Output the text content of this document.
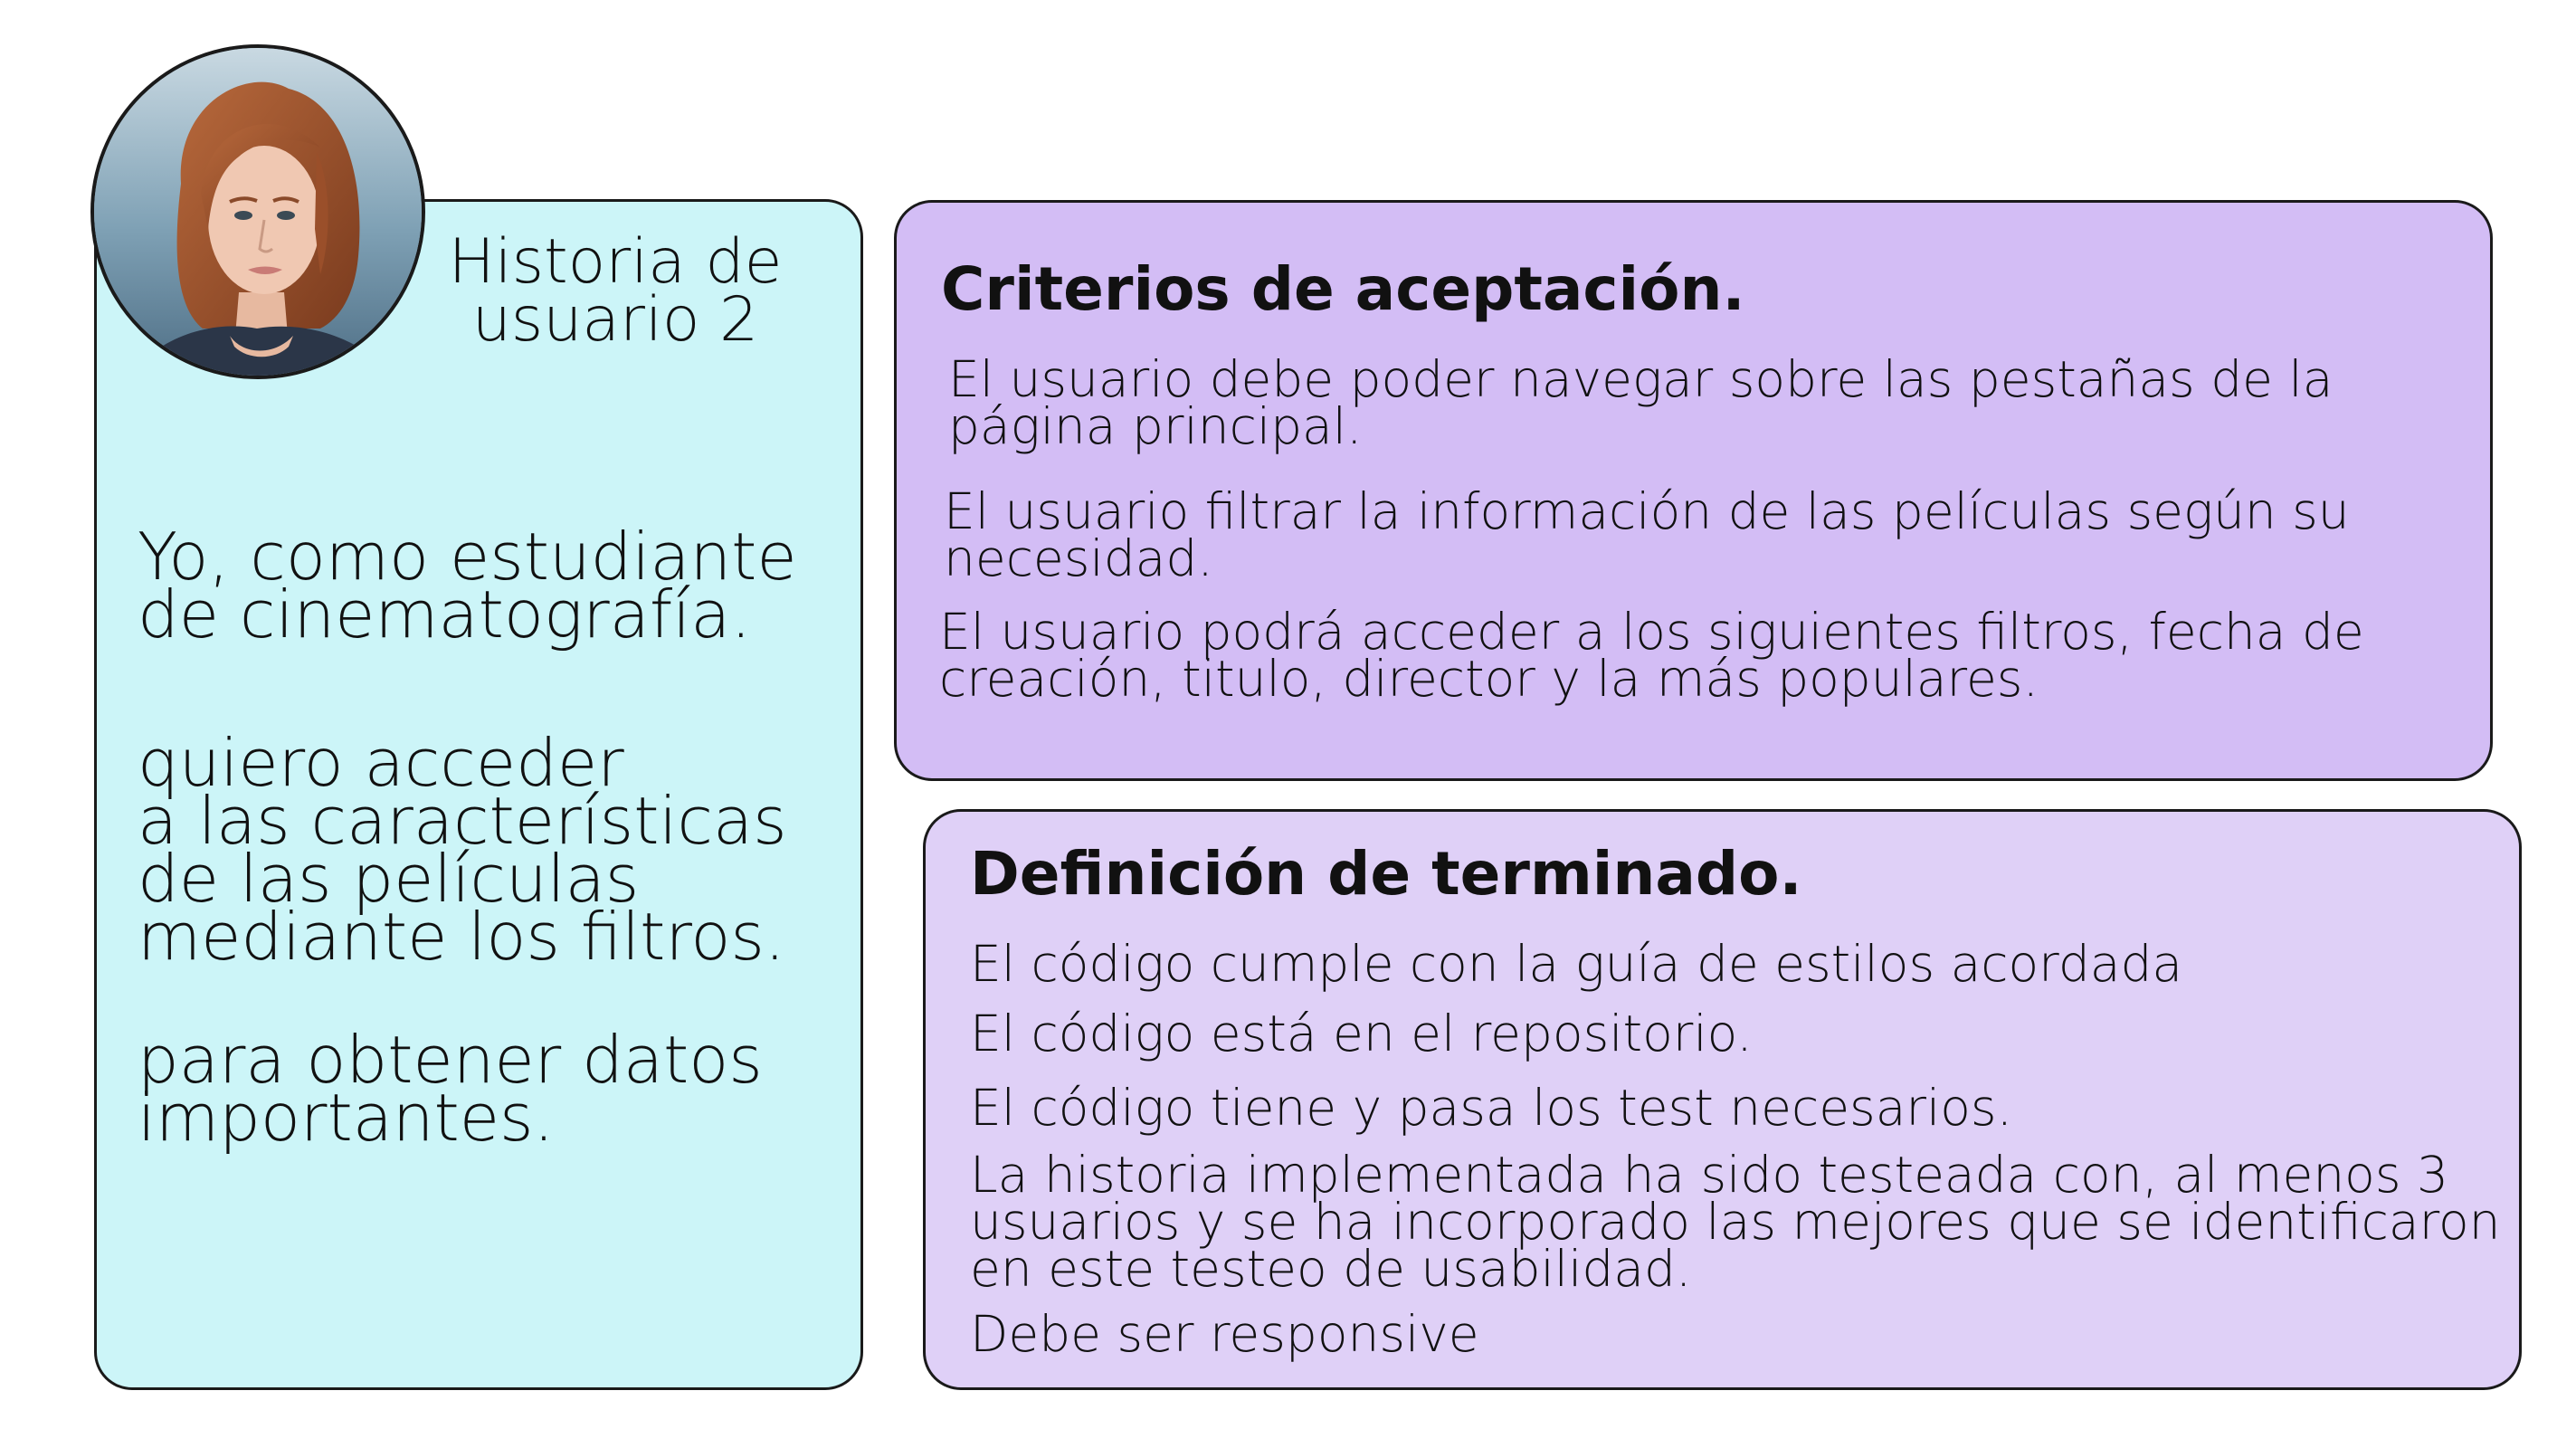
Historia de
usuario 2
Yo, como estudiante
de cinematografía.
quiero acceder
a las características
de las películas
mediante los filtros.
para obtener datos
importantes.
Criterios de aceptación.
El usuario debe poder navegar sobre las pestañas de la
página principal.
El usuario filtrar la información de las películas según su
necesidad.
El usuario podrá acceder a los siguientes filtros, fecha de
creación, titulo, director y la más populares.
Definición de terminado.
El código cumple con la guía de estilos acordada
El código está en el repositorio.
El código tiene y pasa los test necesarios.
La historia implementada ha sido testeada con, al menos 3
usuarios y se ha incorporado las mejores que se identificaron
en este testeo de usabilidad.
Debe ser responsive
